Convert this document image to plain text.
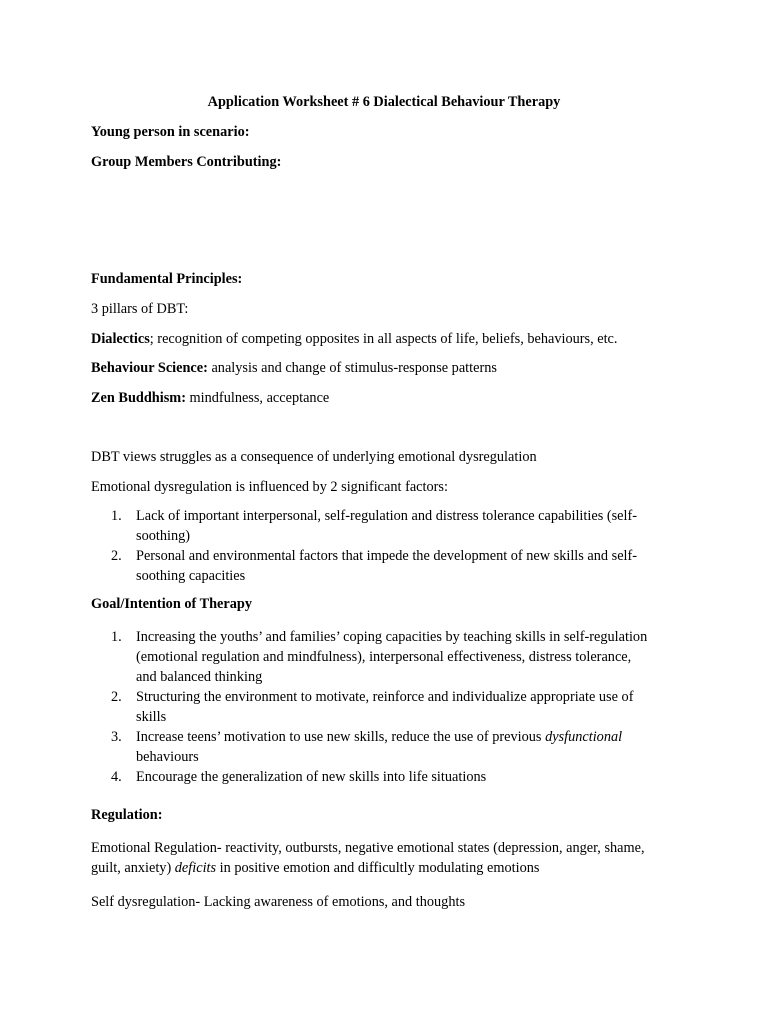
Application Worksheet # 6 Dialectical Behaviour Therapy
Young person in scenario:
Group Members Contributing:
Fundamental Principles:
3 pillars of DBT:
Dialectics; recognition of competing opposites in all aspects of life, beliefs, behaviours, etc.
Behaviour Science: analysis and change of stimulus-response patterns
Zen Buddhism: mindfulness, acceptance
DBT views struggles as a consequence of underlying emotional dysregulation
Emotional dysregulation is influenced by 2 significant factors:
1. Lack of important interpersonal, self-regulation and distress tolerance capabilities (self-
soothing)
2. Personal and environmental factors that impede the development of new skills and self-
soothing capacities
Goal/Intention of Therapy
1. Increasing the youths’ and families’ coping capacities by teaching skills in self-regulation
(emotional regulation and mindfulness), interpersonal effectiveness, distress tolerance,
and balanced thinking
2. Structuring the environment to motivate, reinforce and individualize appropriate use of
skills
3. Increase teens’ motivation to use new skills, reduce the use of previous dysfunctional
behaviours
4. Encourage the generalization of new skills into life situations
Regulation:
Emotional Regulation- reactivity, outbursts, negative emotional states (depression, anger, shame,
guilt, anxiety) deficits in positive emotion and difficultly modulating emotions
Self dysregulation- Lacking awareness of emotions, and thoughts
